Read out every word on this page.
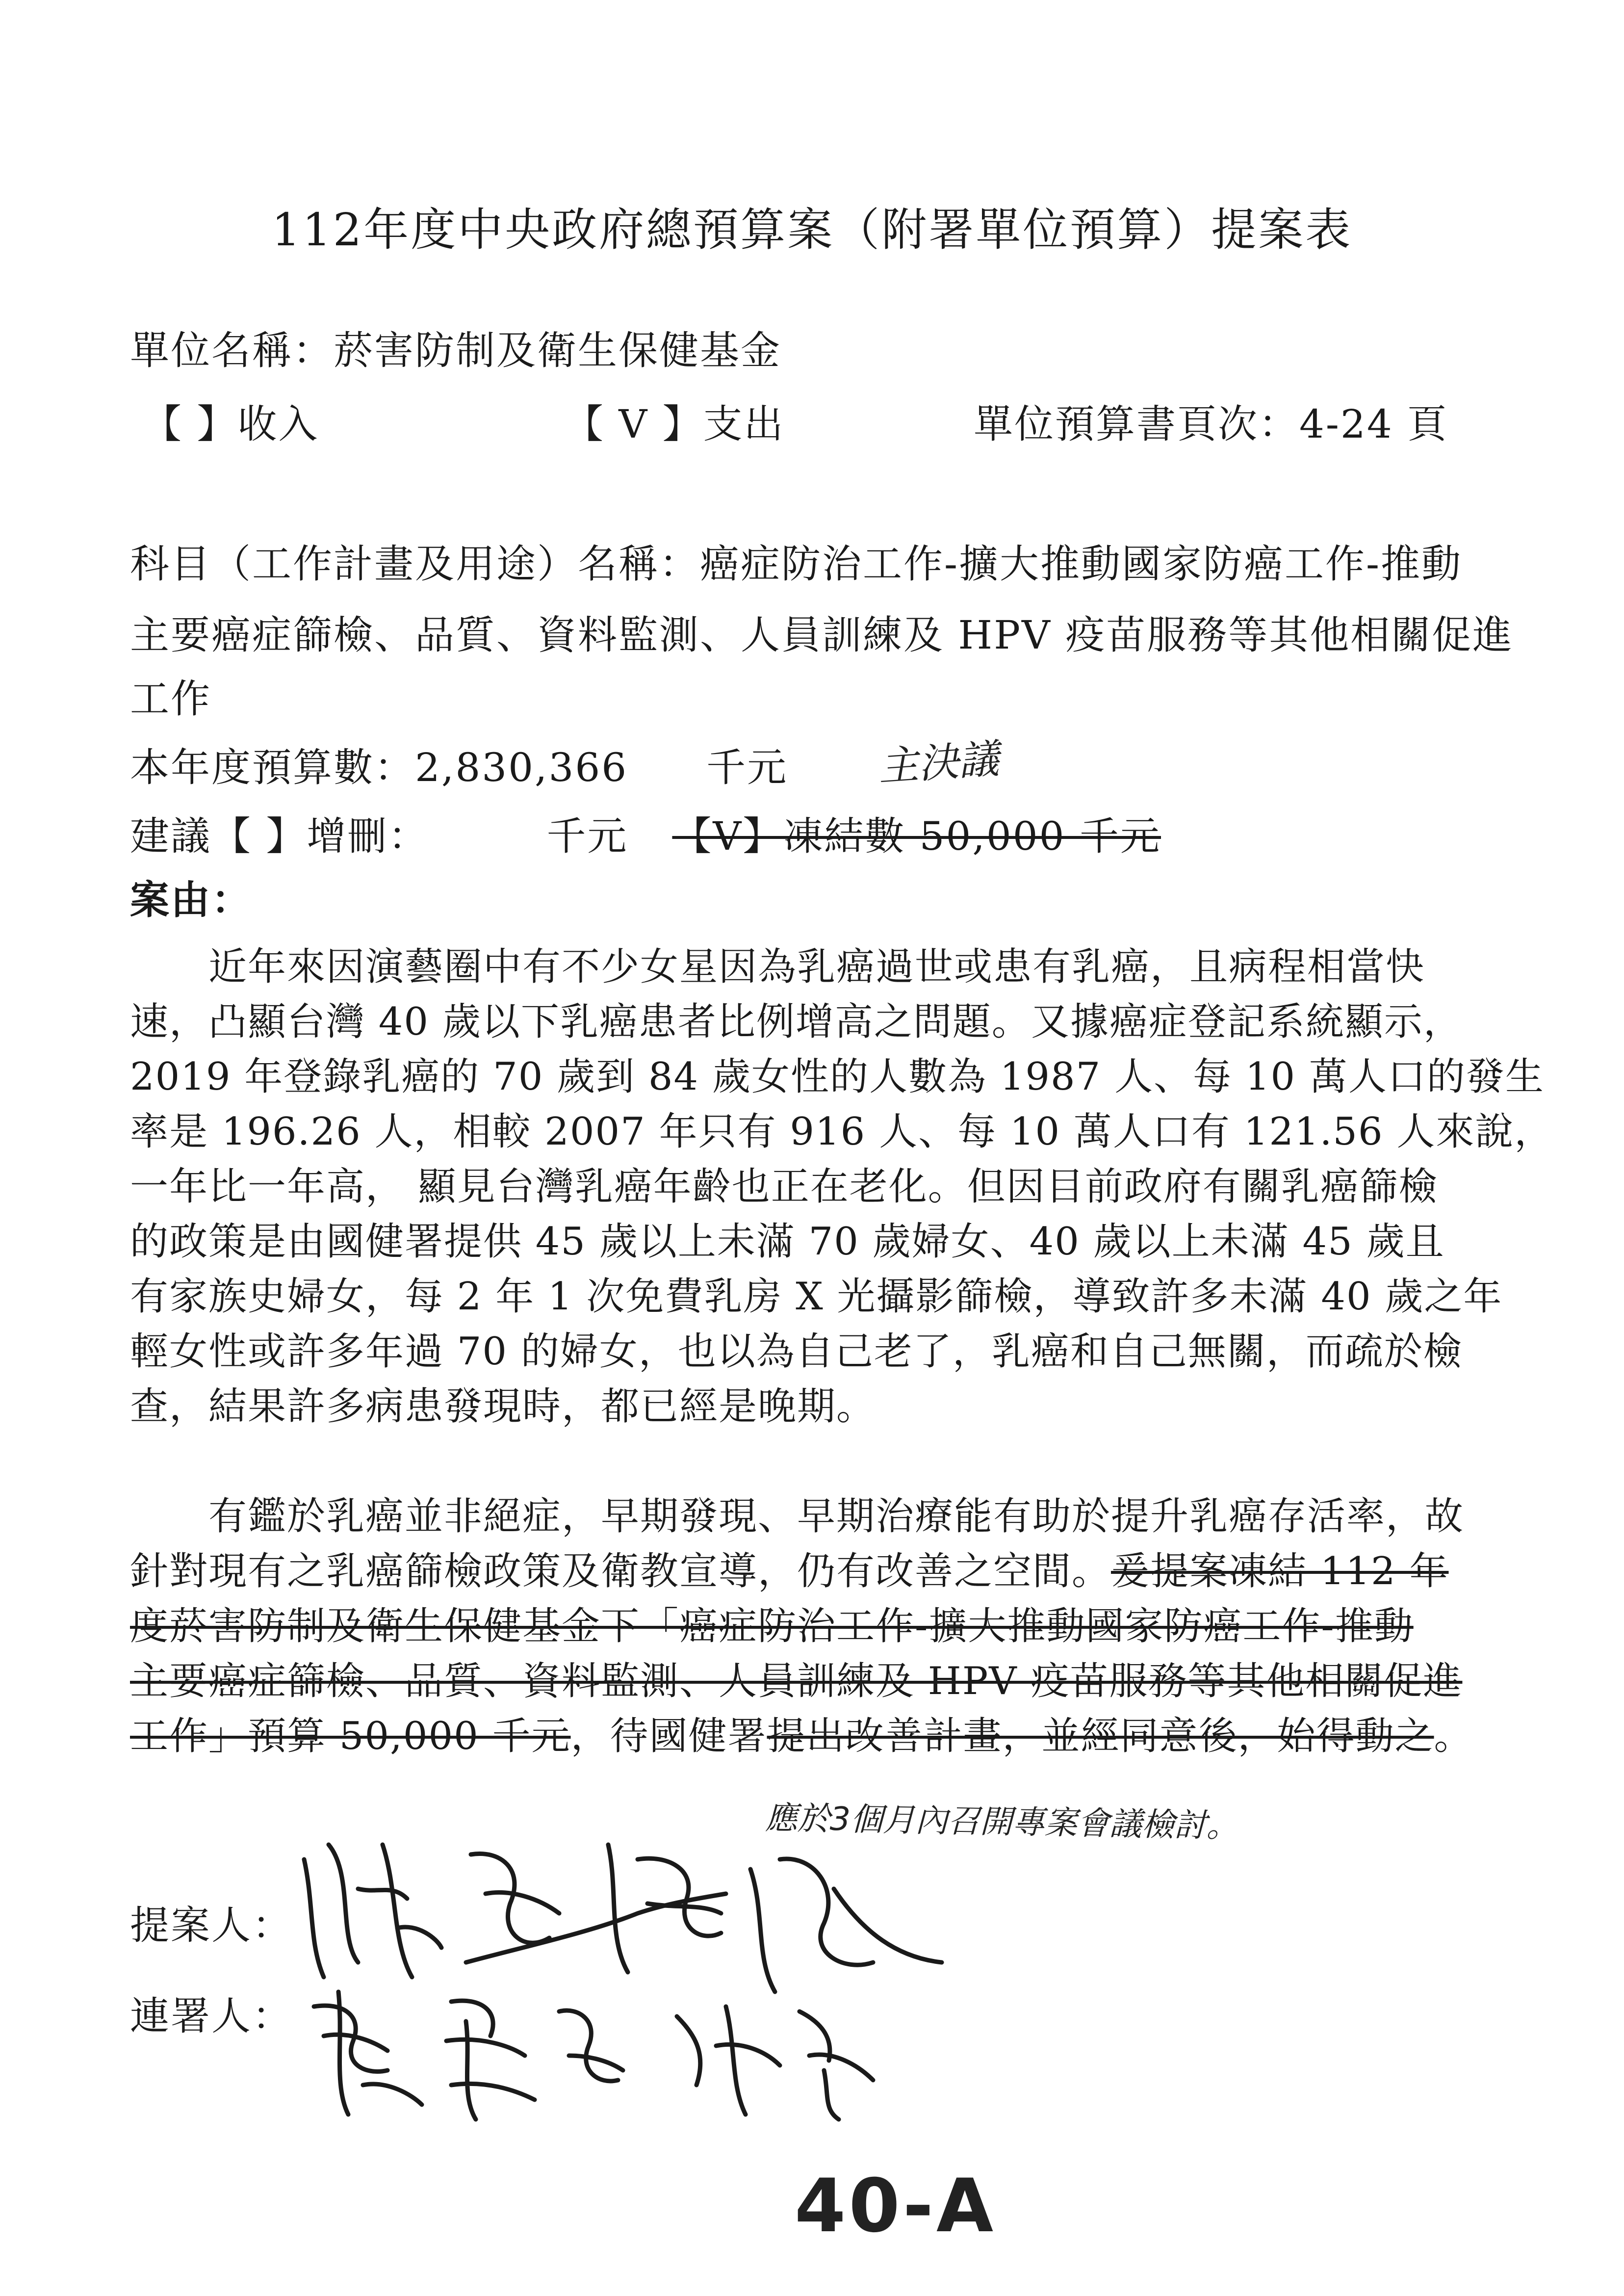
112年度中央政府總預算案（附署單位預算）提案表
單位名稱：菸害防制及衛生保健基金
【 】收入	【 V 】支出	單位預算書頁次：4-24 頁
科目（工作計畫及用途）名稱：癌症防治工作-擴大推動國家防癌工作-推動
主要癌症篩檢、品質、資料監測、人員訓練及 HPV 疫苗服務等其他相關促進
工作
本年度預算數：2,830,366 千元 主決議
建議【 】增刪：	千元 【V】凍結數 50,000 千元
案由：
　　近年來因演藝圈中有不少女星因為乳癌過世或患有乳癌，且病程相當快
速，凸顯台灣 40 歲以下乳癌患者比例增高之問題。又據癌症登記系統顯示，
2019 年登錄乳癌的 70 歲到 84 歲女性的人數為 1987 人、每 10 萬人口的發生
率是 196.26 人，相較 2007 年只有 916 人、每 10 萬人口有 121.56 人來說，
一年比一年高， 顯見台灣乳癌年齡也正在老化。但因目前政府有關乳癌篩檢
的政策是由國健署提供 45 歲以上未滿 70 歲婦女、40 歲以上未滿 45 歲且
有家族史婦女，每 2 年 1 次免費乳房 X 光攝影篩檢，導致許多未滿 40 歲之年
輕女性或許多年過 70 的婦女，也以為自己老了，乳癌和自己無關，而疏於檢
查，結果許多病患發現時，都已經是晚期。
　　有鑑於乳癌並非絕症，早期發現、早期治療能有助於提升乳癌存活率，故
針對現有之乳癌篩檢政策及衛教宣導，仍有改善之空間。爰提案凍結 112 年
度菸害防制及衛生保健基金下「癌症防治工作-擴大推動國家防癌工作-推動
主要癌症篩檢、品質、資料監測、人員訓練及 HPV 疫苗服務等其他相關促進
工作」預算 50,000 千元，待國健署提出改善計畫，並經同意後，始得動之。
應於3個月內召開專案會議檢討。
提案人：
連署人：
40-A
